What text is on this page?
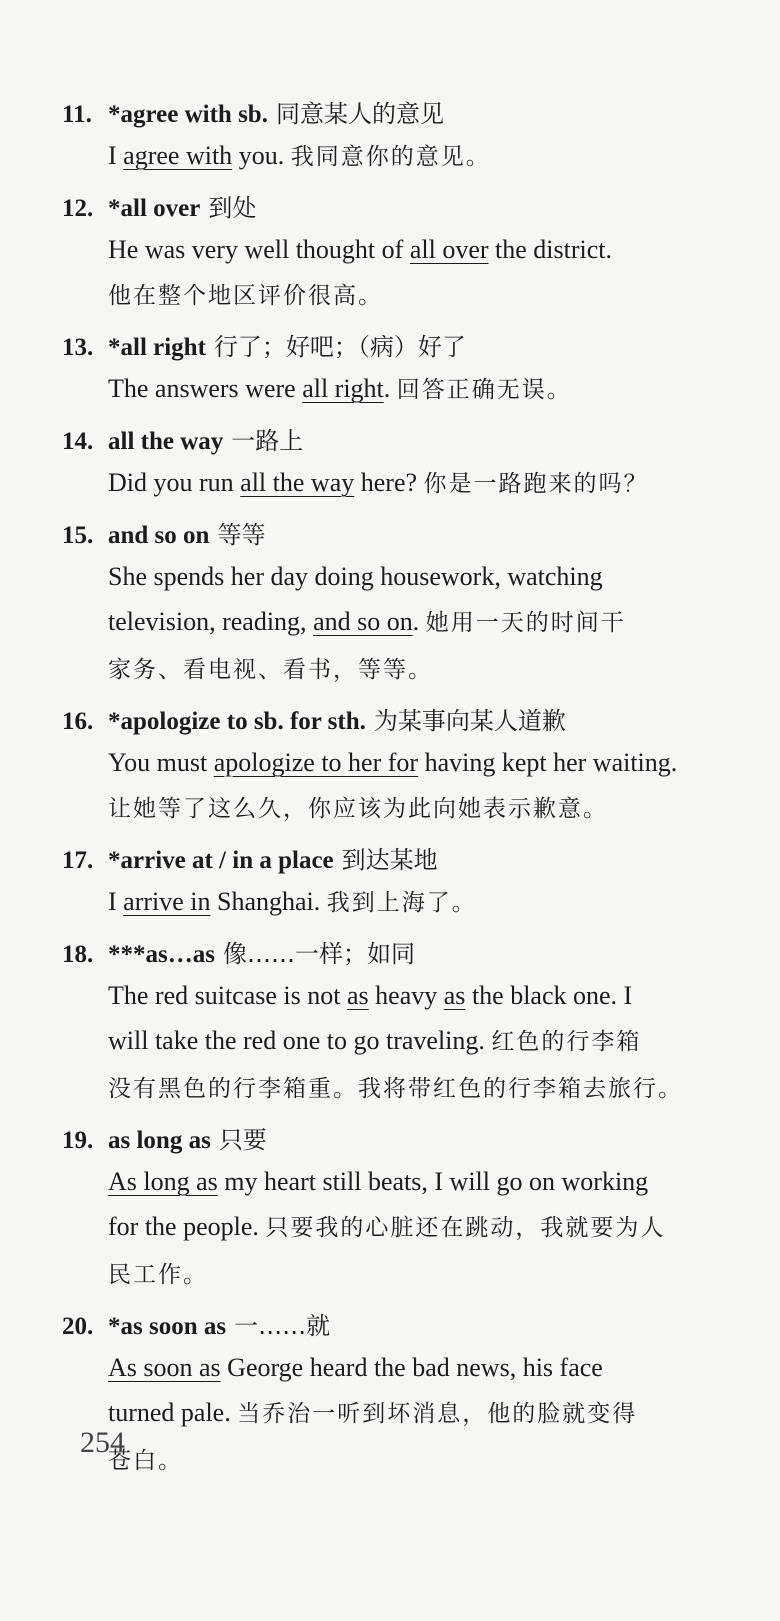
11. *agree with sb. 同意某人的意见
I agree with you. 我同意你的意见。
12. *all over 到处
He was very well thought of all over the district.
他在整个地区评价很高。
13. *all right 行了；好吧；（病）好了
The answers were all right. 回答正确无误。
14. all the way 一路上
Did you run all the way here? 你是一路跑来的吗？
15. and so on 等等
She spends her day doing housework, watching
television, reading, and so on. 她用一天的时间干
家务、看电视、看书，等等。
16. *apologize to sb. for sth. 为某事向某人道歉
You must apologize to her for having kept her waiting.
让她等了这么久，你应该为此向她表示歉意。
17. *arrive at / in a place 到达某地
I arrive in Shanghai. 我到上海了。
18. ***as…as 像……一样；如同
The red suitcase is not as heavy as the black one. I
will take the red one to go traveling. 红色的行李箱
没有黑色的行李箱重。我将带红色的行李箱去旅行。
19. as long as 只要
As long as my heart still beats, I will go on working
for the people. 只要我的心脏还在跳动，我就要为人
民工作。
20. *as soon as 一……就
As soon as George heard the bad news, his face
turned pale. 当乔治一听到坏消息，他的脸就变得
苍白。
254
